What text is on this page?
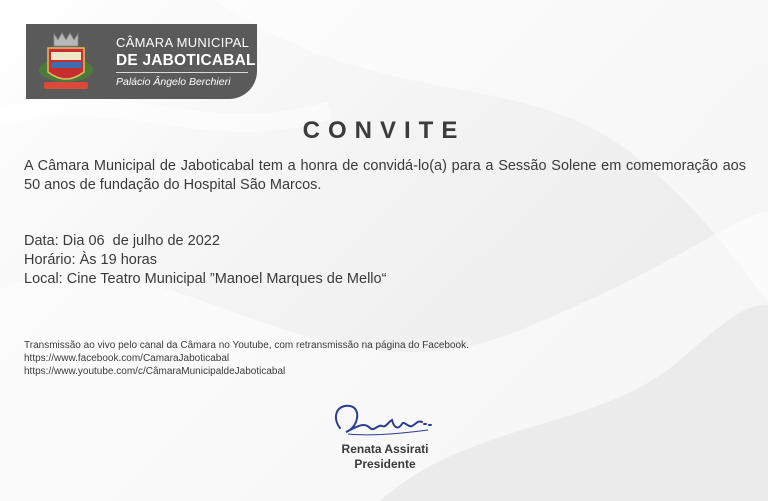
CÂMARA MUNICIPAL
DE JABOTICABAL
Palácio Ângelo Berchieri
CONVITE
A Câmara Municipal de Jaboticabal tem a honra de convidá-lo(a) para a Sessão Solene em comemoração aos 50 anos de fundação do Hospital São Marcos.
Data: Dia 06  de julho de 2022
Horário: Às 19 horas
Local: Cine Teatro Municipal ”Manoel Marques de Mello“
Transmissão ao vivo pelo canal da Câmara no Youtube, com retransmissão na página do Facebook.
https://www.facebook.com/CamaraJaboticabal
https://www.youtube.com/c/CâmaraMunicipaldeJaboticabal
Renata Assirati
Presidente
